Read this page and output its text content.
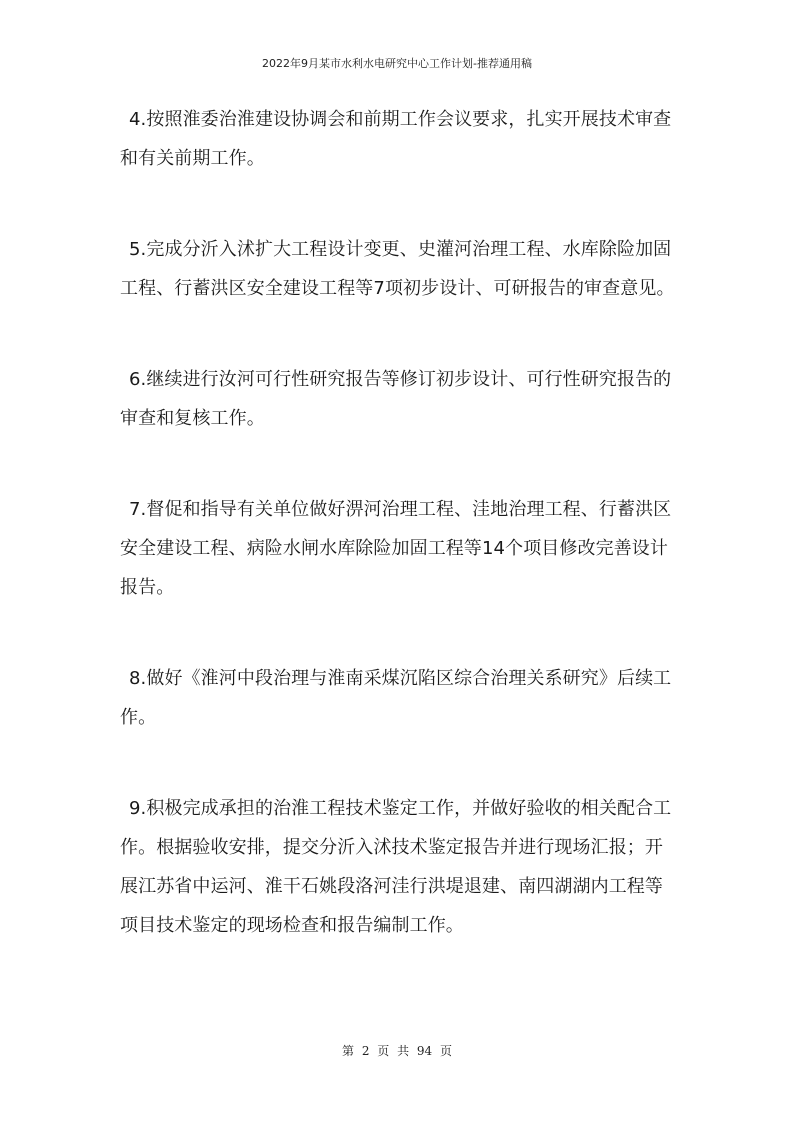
2022年9月某市水利水电研究中心工作计划-推荐通用稿

4.按照淮委治淮建设协调会和前期工作会议要求，扎实开展技术审查和有关前期工作。

5.完成分沂入沭扩大工程设计变更、史灌河治理工程、水库除险加固工程、行蓄洪区安全建设工程等7项初步设计、可研报告的审查意见。

6.继续进行汝河可行性研究报告等修订初步设计、可行性研究报告的审查和复核工作。

7.督促和指导有关单位做好淠河治理工程、洼地治理工程、行蓄洪区安全建设工程、病险水闸水库除险加固工程等14个项目修改完善设计报告。

8.做好《淮河中段治理与淮南采煤沉陷区综合治理关系研究》后续工作。

9.积极完成承担的治淮工程技术鉴定工作，并做好验收的相关配合工作。根据验收安排，提交分沂入沭技术鉴定报告并进行现场汇报；开展江苏省中运河、淮干石姚段洛河洼行洪堤退建、南四湖湖内工程等项目技术鉴定的现场检查和报告编制工作。

第 2 页 共 94 页
